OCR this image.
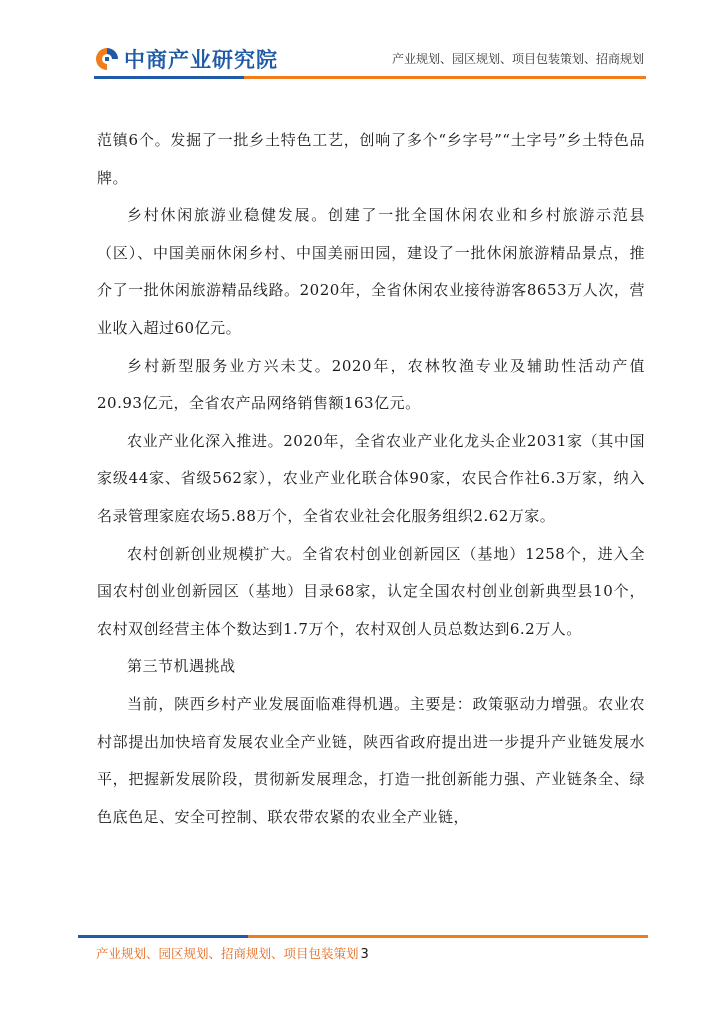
中商产业研究院	产业规划、园区规划、项目包装策划、招商规划

范镇6个。发掘了一批乡土特色工艺，创响了多个“乡字号”“土字号”乡土特色品牌。

乡村休闲旅游业稳健发展。创建了一批全国休闲农业和乡村旅游示范县（区）、中国美丽休闲乡村、中国美丽田园，建设了一批休闲旅游精品景点，推介了一批休闲旅游精品线路。2020年，全省休闲农业接待游客8653万人次，营业收入超过60亿元。

乡村新型服务业方兴未艾。2020年，农林牧渔专业及辅助性活动产值20.93亿元，全省农产品网络销售额163亿元。

农业产业化深入推进。2020年，全省农业产业化龙头企业2031家（其中国家级44家、省级562家），农业产业化联合体90家，农民合作社6.3万家，纳入名录管理家庭农场5.88万个，全省农业社会化服务组织2.62万家。

农村创新创业规模扩大。全省农村创业创新园区（基地）1258个，进入全国农村创业创新园区（基地）目录68家，认定全国农村创业创新典型县10个，农村双创经营主体个数达到1.7万个，农村双创人员总数达到6.2万人。

第三节机遇挑战

当前，陕西乡村产业发展面临难得机遇。主要是：政策驱动力增强。农业农村部提出加快培育发展农业全产业链，陕西省政府提出进一步提升产业链发展水平，把握新发展阶段，贯彻新发展理念，打造一批创新能力强、产业链条全、绿色底色足、安全可控制、联农带农紧的农业全产业链，

产业规划、园区规划、招商规划、项目包装策划 3
